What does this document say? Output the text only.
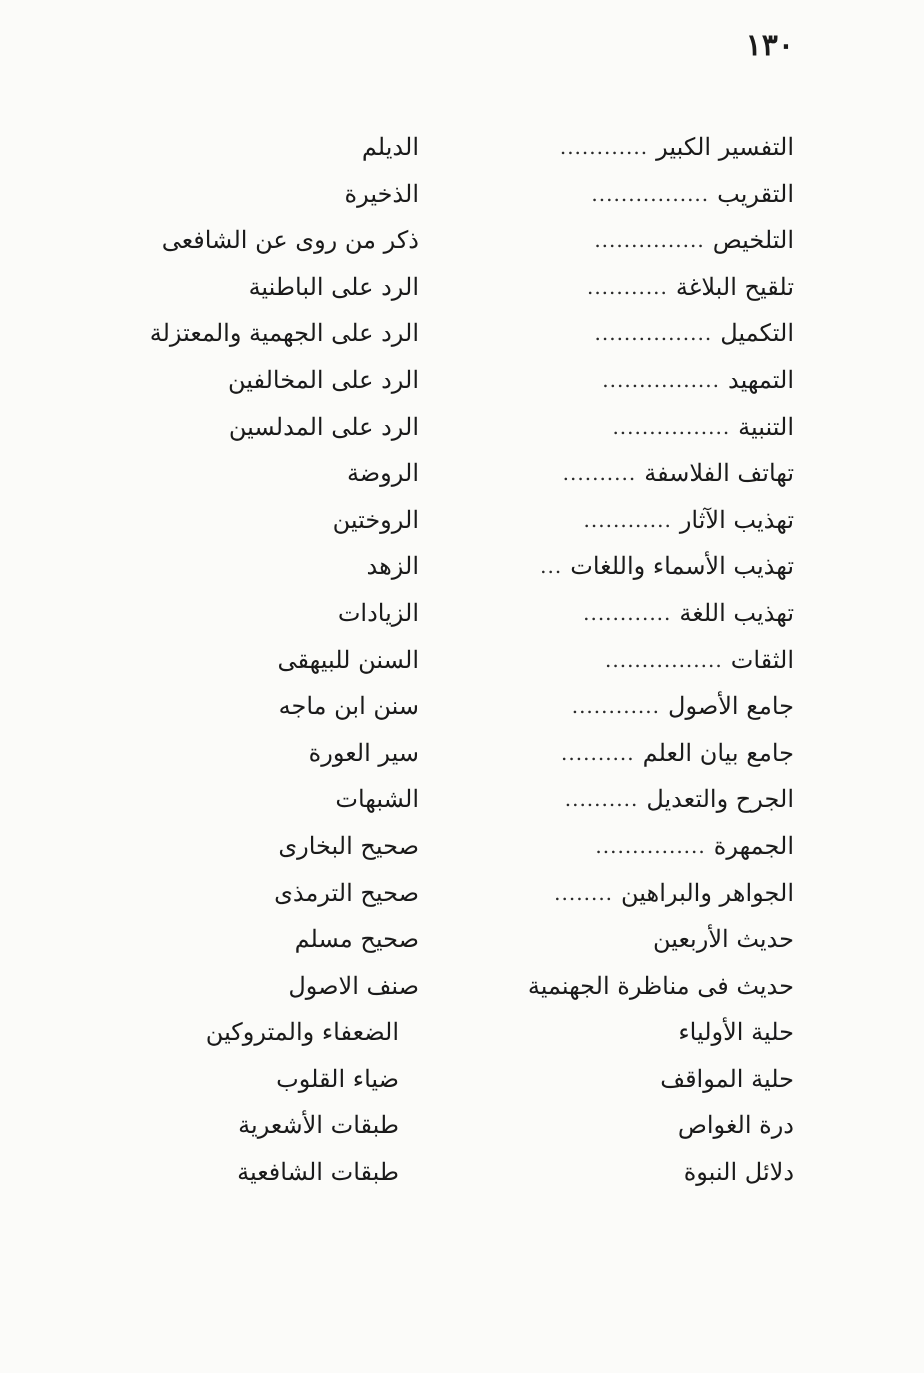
١٣٠
التفسير الكبير
............
التقريب
................
التلخيص
...............
تلقيح البلاغة
...........
التكميل
................
التمهيد
................
التنبية
................
تهاتف الفلاسفة
..........
تهذيب الآثار
............
تهذيب الأسماء واللغات
...
تهذيب اللغة
............
الثقات
................
جامع الأصول
............
جامع بيان العلم
..........
الجرح والتعديل
..........
الجمهرة
...............
الجواهر والبراهين
........
حديث الأربعين
حديث فى مناظرة الجهنمية
حلية الأولياء
حلية المواقف
درة الغواص
دلائل النبوة
الديلم
الذخيرة
ذكر من روى عن الشافعى
الرد على الباطنية
الرد على الجهمية والمعتزلة
الرد على المخالفين
الرد على المدلسين
الروضة
الروختين
الزهد
الزيادات
السنن للبيهقى
سنن ابن ماجه
سير العورة
الشبهات
صحيح البخارى
صحيح الترمذى
صحيح مسلم
صنف الاصول
الضعفاء والمتروكين
ضياء القلوب
طبقات الأشعرية
طبقات الشافعية
